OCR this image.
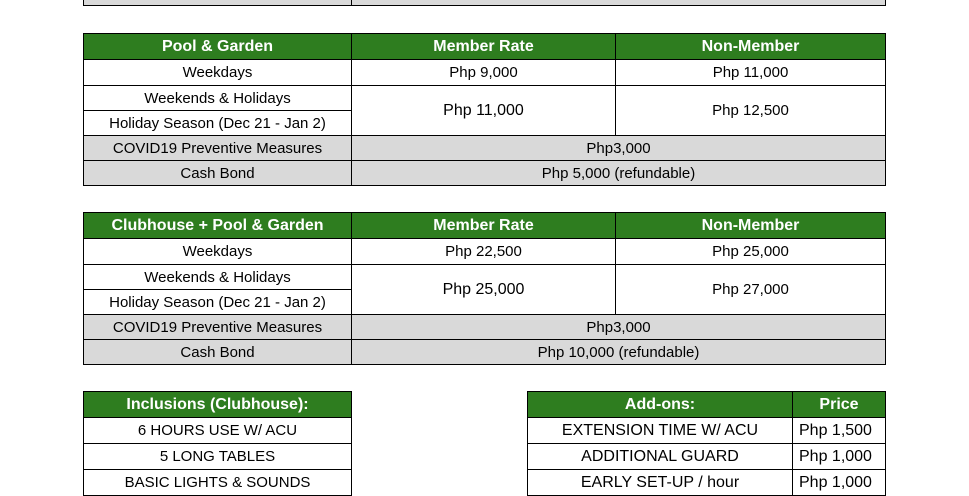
Pool & Garden	Member Rate	Non-Member
Weekdays	Php 9,000	Php 11,000
Weekends & Holidays	Php 11,000	Php 12,500
Holiday Season (Dec 21 - Jan 2)		
COVID19 Preventive Measures	Php3,000	
Cash Bond	Php 5,000 (refundable)	
Clubhouse + Pool & Garden	Member Rate	Non-Member
Weekdays	Php 22,500	Php 25,000
Weekends & Holidays	Php 25,000	Php 27,000
Holiday Season (Dec 21 - Jan 2)		
COVID19 Preventive Measures	Php3,000	
Cash Bond	Php 10,000 (refundable)	
Inclusions (Clubhouse):
6 HOURS USE W/ ACU
5 LONG TABLES
BASIC LIGHTS & SOUNDS
Add-ons:	Price
EXTENSION TIME W/ ACU	Php 1,500
ADDITIONAL GUARD	Php 1,000
EARLY SET-UP / hour	Php 1,000
